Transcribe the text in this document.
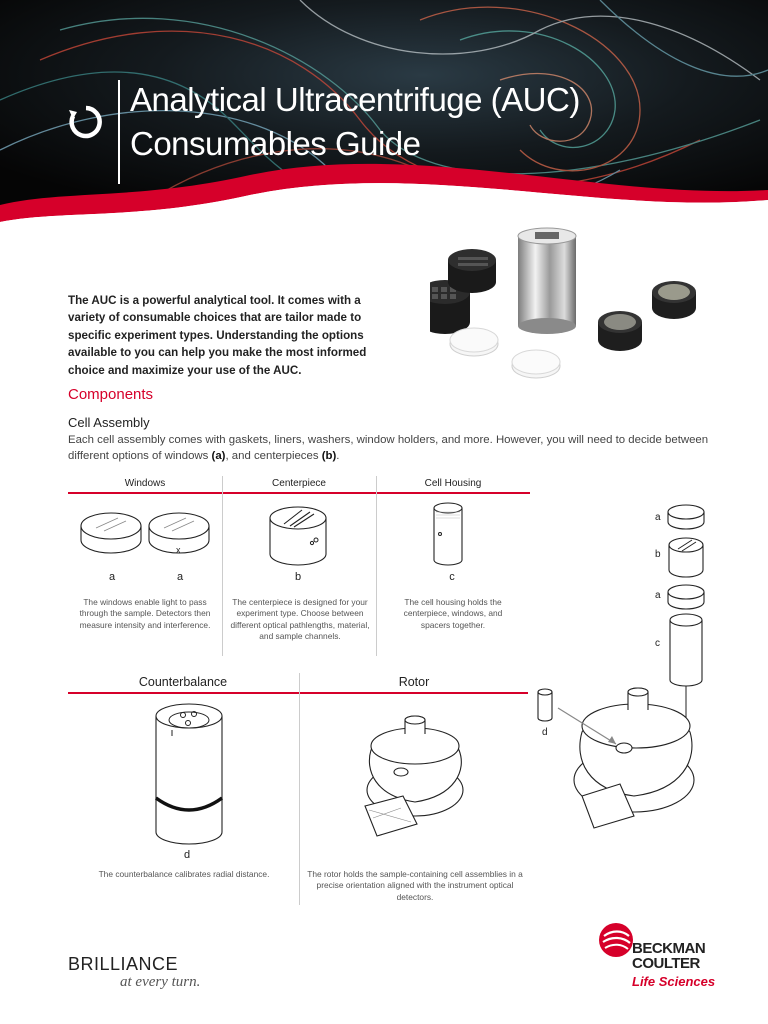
Analytical Ultracentrifuge (AUC)
Consumables Guide

The AUC is a powerful analytical tool. It comes with a variety of consumable choices that are tailor made to specific experiment types. Understanding the options available to you can help you make the most informed choice and maximize your use of the AUC.

Components
Cell Assembly

Each cell assembly comes with gaskets, liners, washers, window holders, and more. However, you will need to decide between different options of windows (a), and centerpieces (b).

Windows	Centerpiece	Cell Housing
x
a	a

The windows enable light to pass through the sample. Detectors then measure intensity and interference.

b

The centerpiece is designed for your experiment type. Choose between different optical pathlengths, material, and sample channels.

c

The cell housing holds the centerpiece, windows, and spacers together.

a
b
a
c
Counterbalance	Rotor
d

The counterbalance calibrates radial distance.	The rotor holds the sample-containing cell assemblies in a precise orientation aligned with the instrument optical detectors.

d
BRILLIANCE
at every turn.
BECKMAN
COULTER
Life Sciences
